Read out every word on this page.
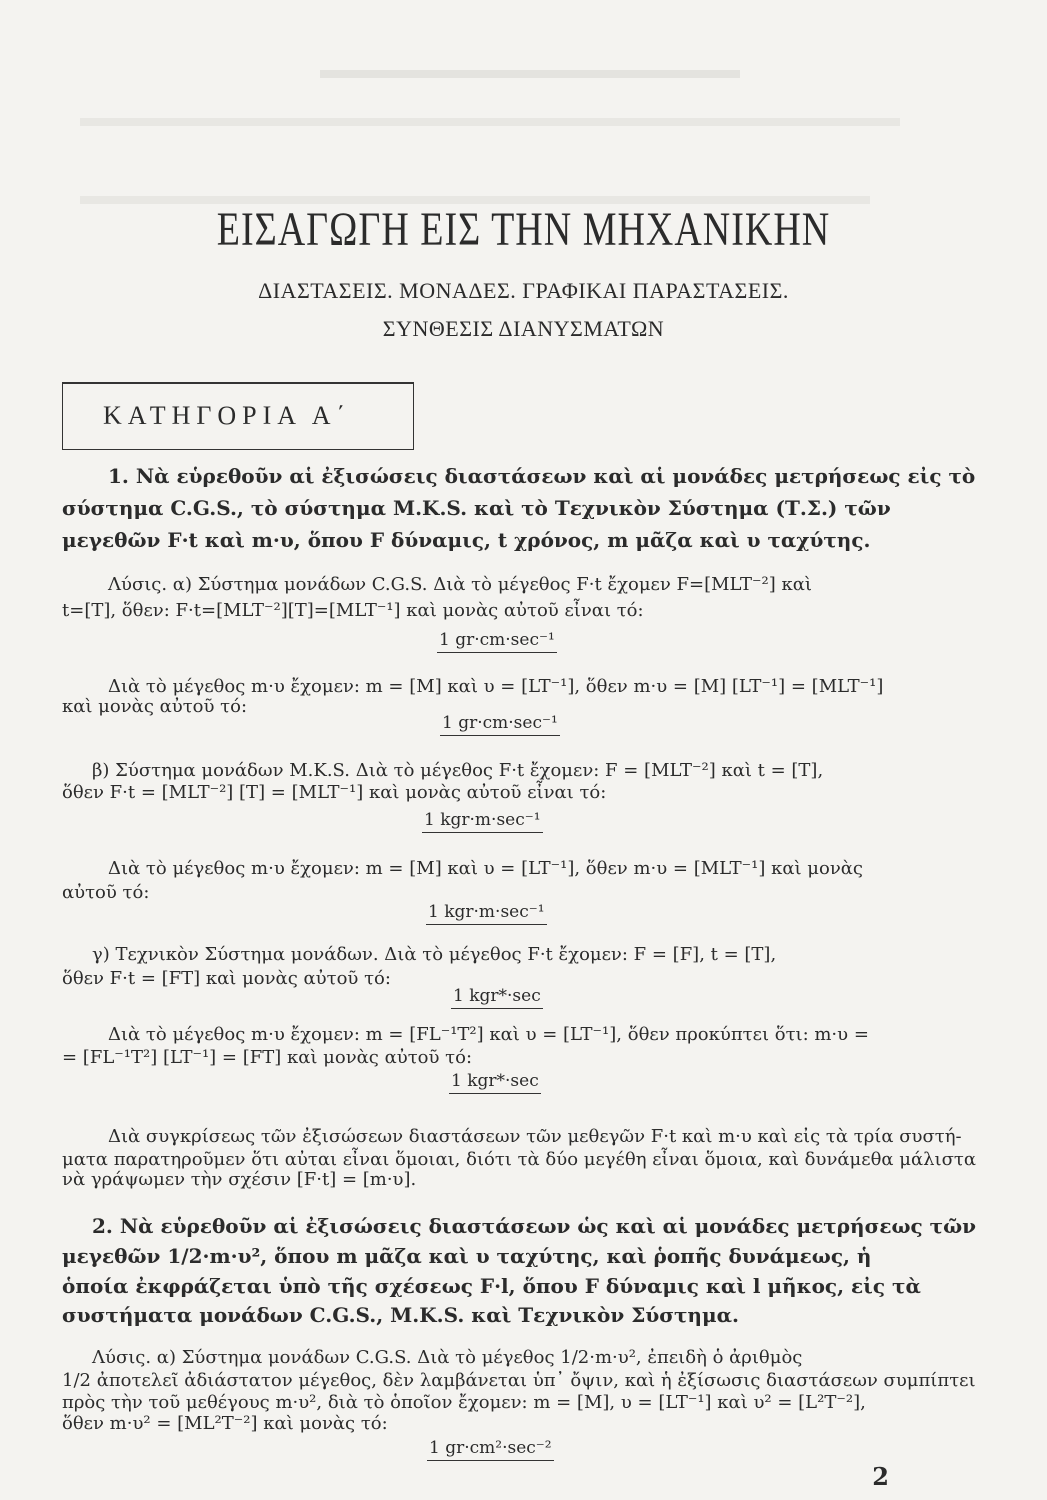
ΕΙΣΑΓΩΓΗ ΕΙΣ ΤΗΝ ΜΗΧΑΝΙΚΗΝ
ΔΙΑΣΤΑΣΕΙΣ. ΜΟΝΑΔΕΣ. ΓΡΑΦΙΚΑΙ ΠΑΡΑΣΤΑΣΕΙΣ.
ΣΥΝΘΕΣΙΣ ΔΙΑΝΥΣΜΑΤΩΝ
ΚΑΤΗΓΟΡΙΑ Α΄
1. Νὰ εὑρεθοῦν αἱ ἐξισώσεις διαστάσεων καὶ αἱ μονάδες μετρήσεως εἰς τὸ
σύστημα C.G.S., τὸ σύστημα M.K.S. καὶ τὸ Τεχνικὸν Σύστημα (Τ.Σ.) τῶν
μεγεθῶν F·t καὶ m·υ, ὅπου F δύναμις, t χρόνος, m μᾶζα καὶ υ ταχύτης.
Λύσις. α) Σύστημα μονάδων C.G.S. Διὰ τὸ μέγεθος F·t ἔχομεν F=[MLT⁻²] καὶ
t=[T], ὅθεν: F·t=[MLT⁻²][T]=[MLT⁻¹] καὶ μονὰς αὐτοῦ εἶναι τό:
1 gr·cm·sec⁻¹
Διὰ τὸ μέγεθος m·υ ἔχομεν: m = [M] καὶ υ = [LT⁻¹], ὅθεν m·υ = [M] [LT⁻¹] = [MLT⁻¹]
καὶ μονὰς αὐτοῦ τό:
1 gr·cm·sec⁻¹
β) Σύστημα μονάδων M.K.S. Διὰ τὸ μέγεθος F·t ἔχομεν: F = [MLT⁻²] καὶ t = [T],
ὅθεν F·t = [MLT⁻²] [T] = [MLT⁻¹] καὶ μονὰς αὐτοῦ εἶναι τό:
1 kgr·m·sec⁻¹
Διὰ τὸ μέγεθος m·υ ἔχομεν: m = [M] καὶ υ = [LT⁻¹], ὅθεν m·υ = [MLT⁻¹] καὶ μονὰς
αὐτοῦ τό:
1 kgr·m·sec⁻¹
γ) Τεχνικὸν Σύστημα μονάδων. Διὰ τὸ μέγεθος F·t ἔχομεν: F = [F], t = [T],
ὅθεν F·t = [FT] καὶ μονὰς αὐτοῦ τό:
1 kgr*·sec
Διὰ τὸ μέγεθος m·υ ἔχομεν: m = [FL⁻¹T²] καὶ υ = [LT⁻¹], ὅθεν προκύπτει ὅτι: m·υ =
= [FL⁻¹T²] [LT⁻¹] = [FT] καὶ μονὰς αὐτοῦ τό:
1 kgr*·sec
Διὰ συγκρίσεως τῶν ἐξισώσεων διαστάσεων τῶν μεθεγῶν F·t καὶ m·υ καὶ εἰς τὰ τρία συστή-
ματα παρατηροῦμεν ὅτι αὐται εἶναι ὅμοιαι, διότι τὰ δύο μεγέθη εἶναι ὅμοια, καὶ δυνάμεθα μάλιστα
νὰ γράψωμεν τὴν σχέσιν [F·t] = [m·υ].
2. Νὰ εὑρεθοῦν αἱ ἐξισώσεις διαστάσεων ὡς καὶ αἱ μονάδες μετρήσεως τῶν
μεγεθῶν 1/2·m·υ², ὅπου m μᾶζα καὶ υ ταχύτης, καὶ ῥοπῆς δυνάμεως, ἡ
ὁποία ἐκφράζεται ὑπὸ τῆς σχέσεως F·l, ὅπου F δύναμις καὶ l μῆκος, εἰς τὰ
συστήματα μονάδων C.G.S., M.K.S. καὶ Τεχνικὸν Σύστημα.
Λύσις. α) Σύστημα μονάδων C.G.S. Διὰ τὸ μέγεθος 1/2·m·υ², ἐπειδὴ ὁ ἀριθμὸς
1/2 ἀποτελεῖ ἀδιάστατον μέγεθος, δὲν λαμβάνεται ὑπ᾿ ὄψιν, καὶ ἡ ἐξίσωσις διαστάσεων συμπίπτει
πρὸς τὴν τοῦ μεθέγους m·υ², διὰ τὸ ὁποῖον ἔχομεν: m = [M], υ = [LT⁻¹] καὶ υ² = [L²T⁻²],
ὅθεν m·υ² = [ML²T⁻²] καὶ μονὰς τό:
1 gr·cm²·sec⁻²
2
